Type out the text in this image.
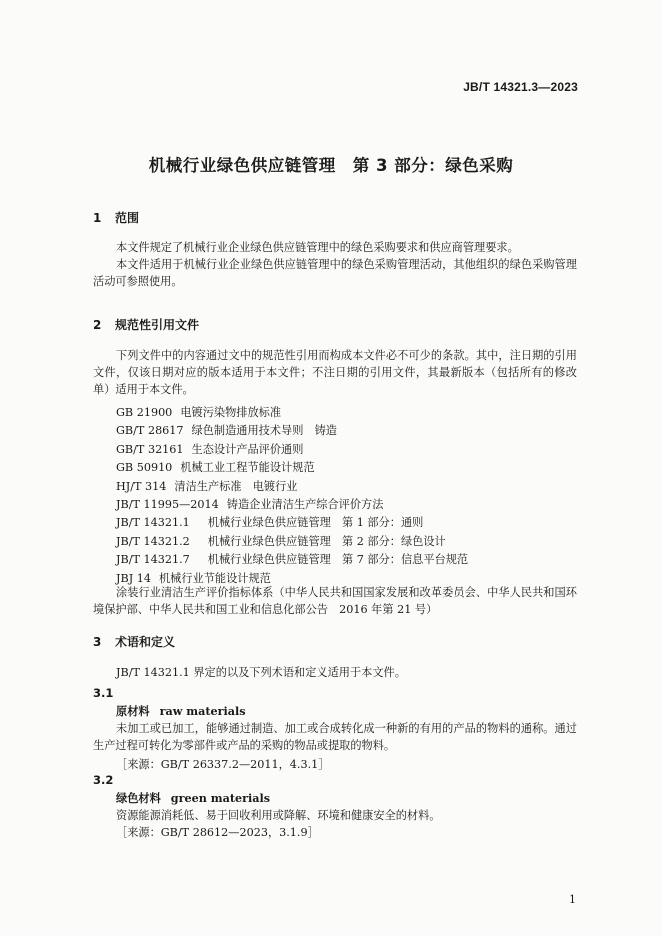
JB/T 14321.3—2023
机械行业绿色供应链管理　第 3 部分：绿色采购
1 范围
本文件规定了机械行业企业绿色供应链管理中的绿色采购要求和供应商管理要求。
本文件适用于机械行业企业绿色供应链管理中的绿色采购管理活动，其他组织的绿色采购管理活动可参照使用。
2 规范性引用文件
下列文件中的内容通过文中的规范性引用而构成本文件必不可少的条款。其中，注日期的引用文件，仅该日期对应的版本适用于本文件；不注日期的引用文件，其最新版本（包括所有的修改单）适用于本文件。
GB 21900 电镀污染物排放标准
GB/T 28617 绿色制造通用技术导则　铸造
GB/T 32161 生态设计产品评价通则
GB 50910 机械工业工程节能设计规范
HJ/T 314 清洁生产标准　电镀行业
JB/T 11995—2014 铸造企业清洁生产综合评价方法
JB/T 14321.1 机械行业绿色供应链管理　第 1 部分：通则
JB/T 14321.2 机械行业绿色供应链管理　第 2 部分：绿色设计
JB/T 14321.7 机械行业绿色供应链管理　第 7 部分：信息平台规范
JBJ 14 机械行业节能设计规范
涂装行业清洁生产评价指标体系（中华人民共和国国家发展和改革委员会、中华人民共和国环境保护部、中华人民共和国工业和信息化部公告　2016 年第 21 号）
3 术语和定义
JB/T 14321.1 界定的以及下列术语和定义适用于本文件。
3.1
原材料 raw materials
未加工或已加工，能够通过制造、加工或合成转化成一种新的有用的产品的物料的通称。通过生产过程可转化为零部件或产品的采购的物品或提取的物料。
［来源：GB/T 26337.2—2011，4.3.1］
3.2
绿色材料 green materials
资源能源消耗低、易于回收利用或降解、环境和健康安全的材料。
［来源：GB/T 28612—2023，3.1.9］
1
